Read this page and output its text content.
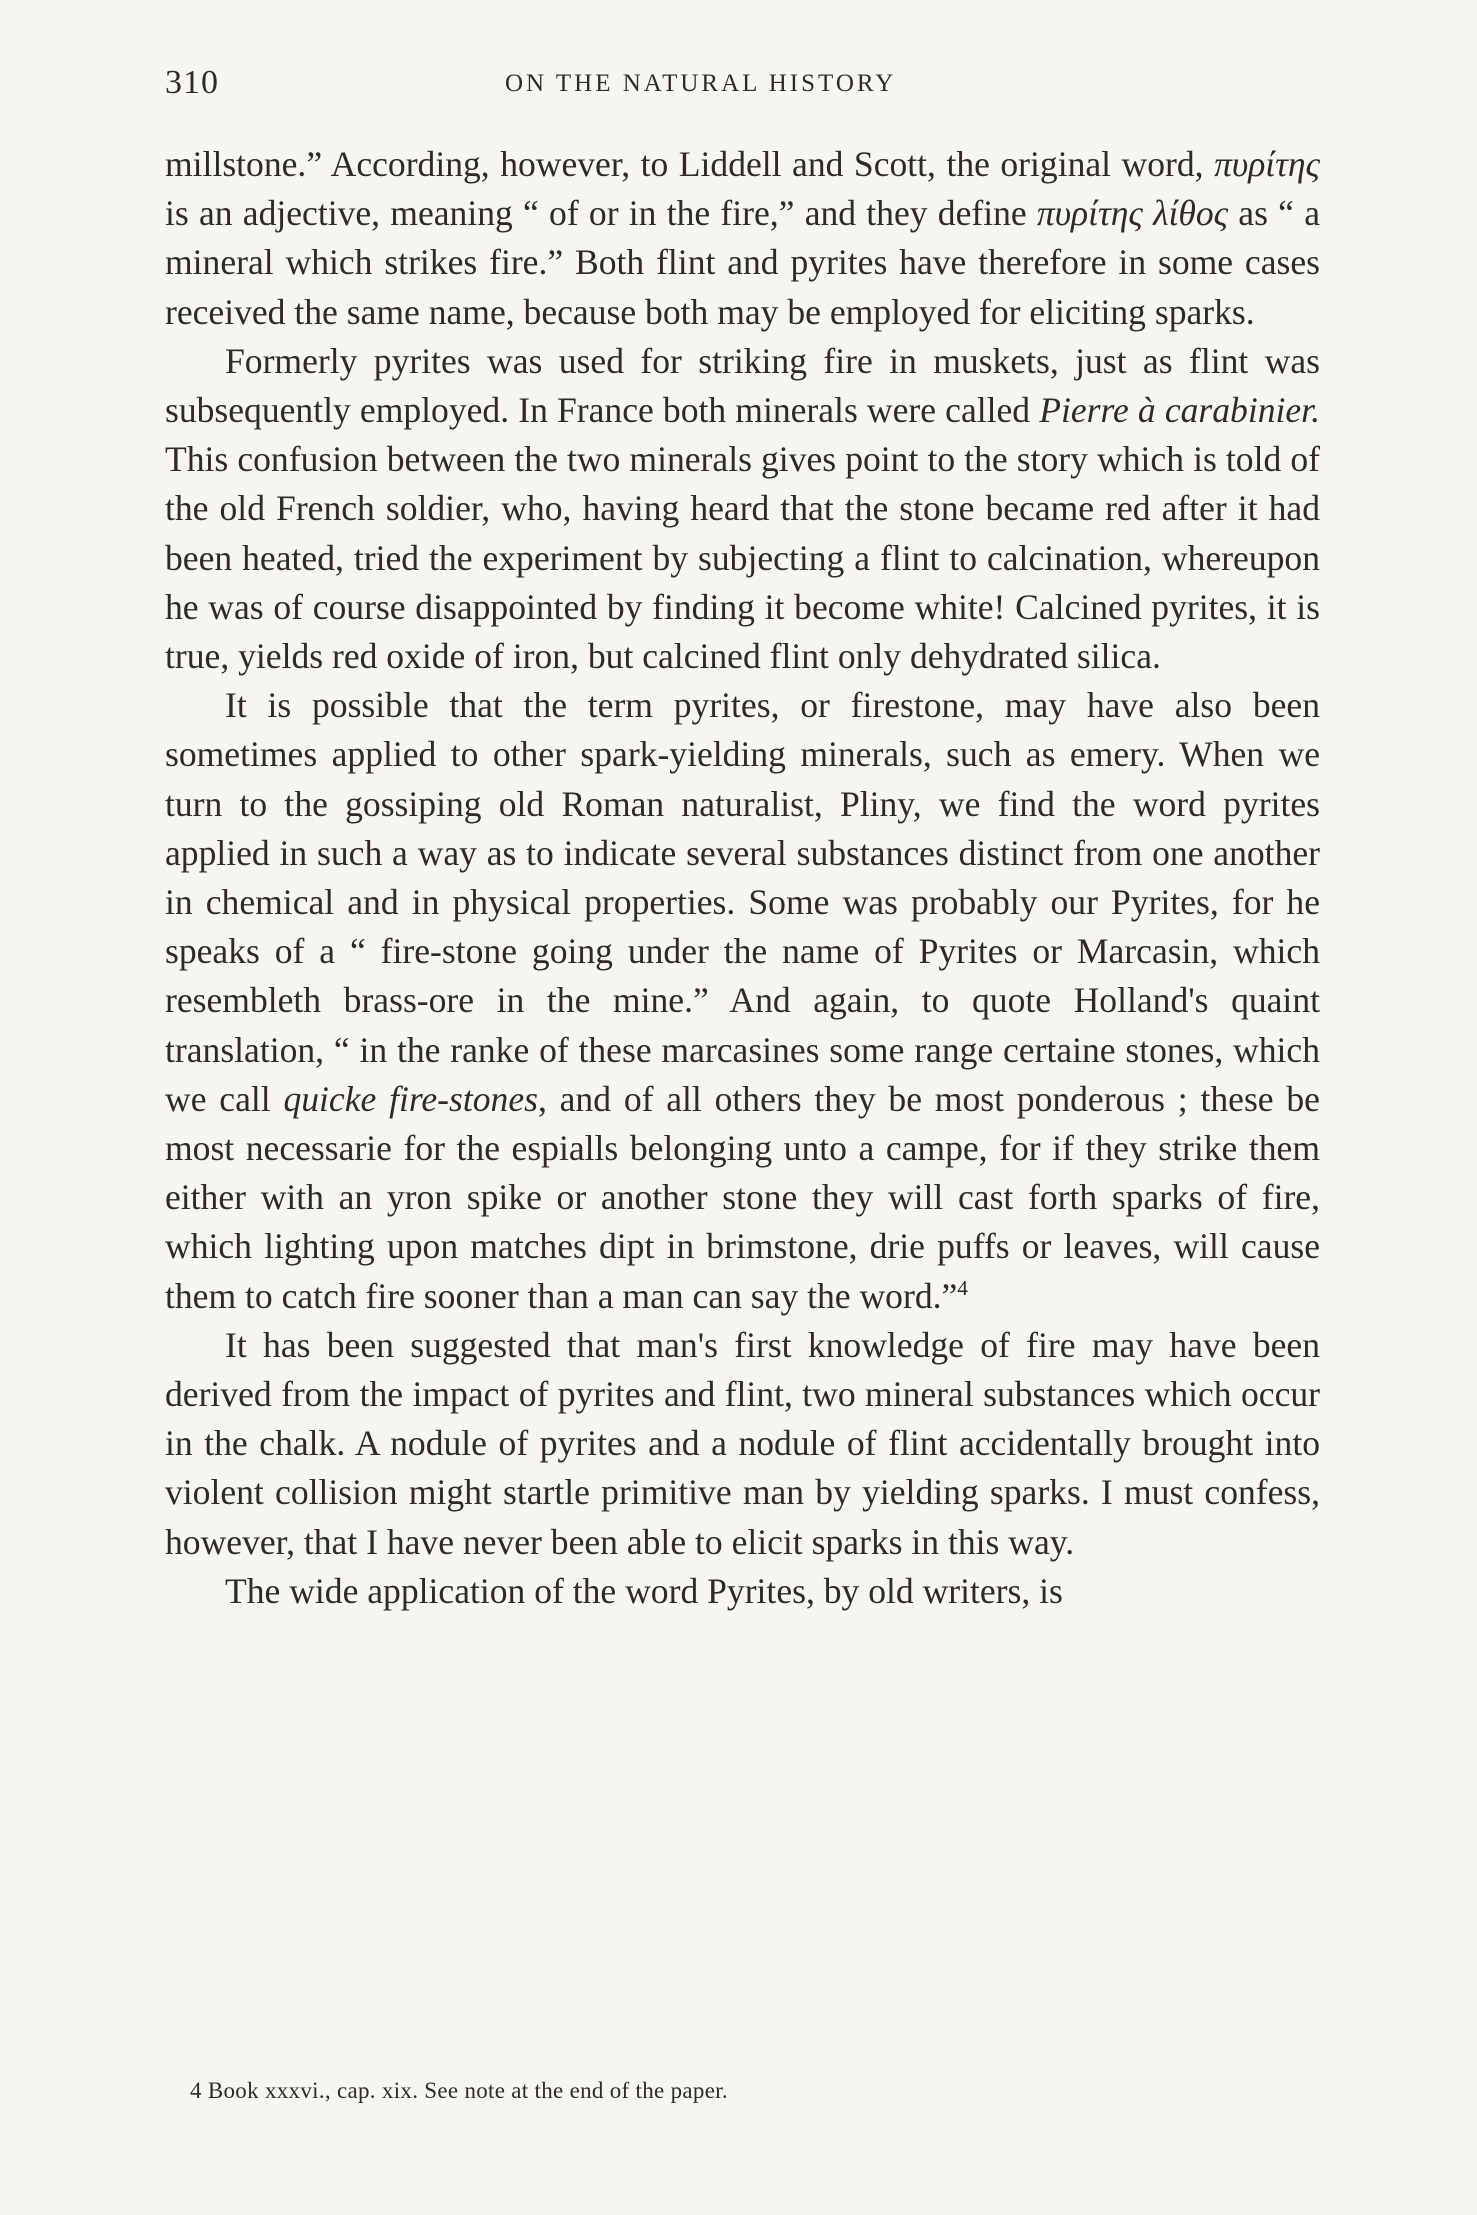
310	ON THE NATURAL HISTORY

millstone.” According, however, to Liddell and Scott, the original word, πυρίτης is an adjective, meaning “ of or in the fire,” and they define πυρίτης λίθος as “ a mineral which strikes fire.” Both flint and pyrites have therefore in some cases received the same name, because both may be employed for eliciting sparks.

Formerly pyrites was used for striking fire in muskets, just as flint was subsequently employed. In France both minerals were called Pierre à carabinier. This confusion between the two minerals gives point to the story which is told of the old French soldier, who, having heard that the stone became red after it had been heated, tried the experiment by subjecting a flint to calcination, whereupon he was of course disappointed by finding it become white! Calcined pyrites, it is true, yields red oxide of iron, but calcined flint only dehydrated silica.

It is possible that the term pyrites, or firestone, may have also been sometimes applied to other spark-yielding minerals, such as emery. When we turn to the gossiping old Roman naturalist, Pliny, we find the word pyrites applied in such a way as to indicate several substances distinct from one another in chemical and in physical properties. Some was probably our Pyrites, for he speaks of a “ fire-stone going under the name of Pyrites or Marcasin, which resembleth brass-ore in the mine.” And again, to quote Holland's quaint translation, “ in the ranke of these marcasines some range certaine stones, which we call quicke fire-stones, and of all others they be most ponderous ; these be most necessarie for the espialls belonging unto a campe, for if they strike them either with an yron spike or another stone they will cast forth sparks of fire, which lighting upon matches dipt in brimstone, drie puffs or leaves, will cause them to catch fire sooner than a man can say the word.”$^4$

It has been suggested that man's first knowledge of fire may have been derived from the impact of pyrites and flint, two mineral substances which occur in the chalk. A nodule of pyrites and a nodule of flint accidentally brought into violent collision might startle primitive man by yielding sparks. I must confess, however, that I have never been able to elicit sparks in this way.

The wide application of the word Pyrites, by old writers, is

4 Book xxxvi., cap. xix. See note at the end of the paper.
